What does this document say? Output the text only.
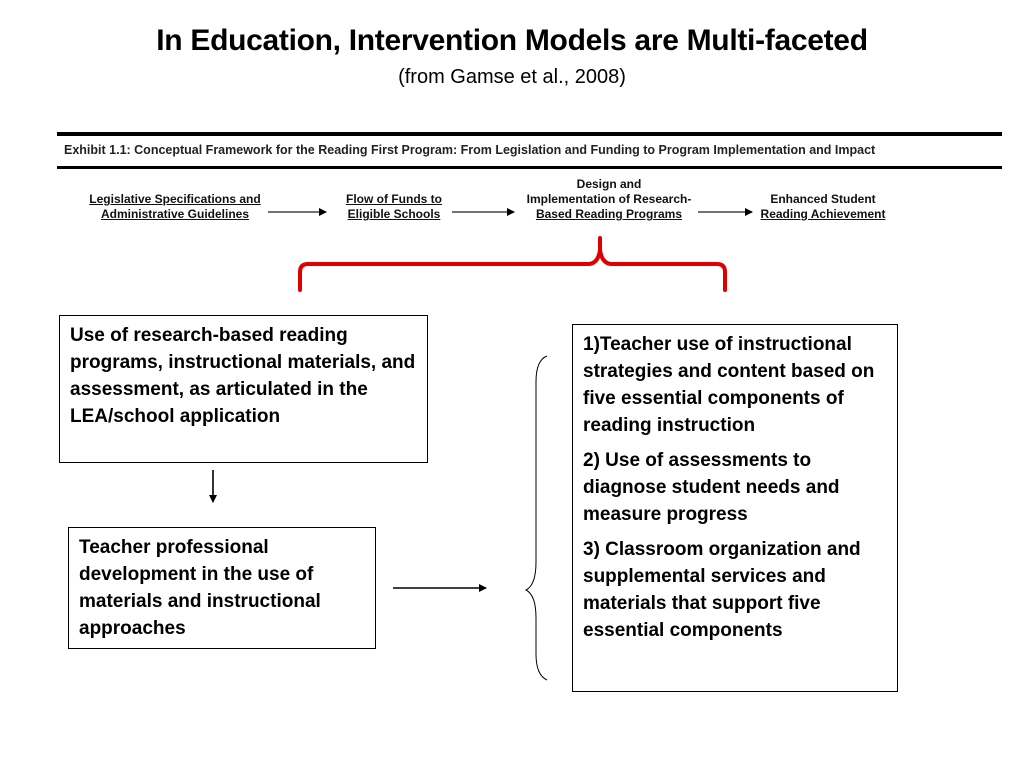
In Education, Intervention Models are Multi-faceted
(from Gamse et al., 2008)
Exhibit 1.1: Conceptual Framework for the Reading First Program: From Legislation and Funding to Program Implementation and Impact
Legislative Specifications and
Administrative Guidelines
Flow of Funds to
Eligible Schools
Design and
Implementation of Research-
Based Reading Programs
Enhanced Student
Reading Achievement
Use of research-based reading programs, instructional materials, and assessment, as articulated in the LEA/school application
Teacher professional development in the use of materials and instructional approaches

1)Teacher use of instructional strategies and content based on five essential components of reading instruction

2) Use of assessments to diagnose student needs and measure progress

3) Classroom organization and supplemental services and materials that support five essential components
